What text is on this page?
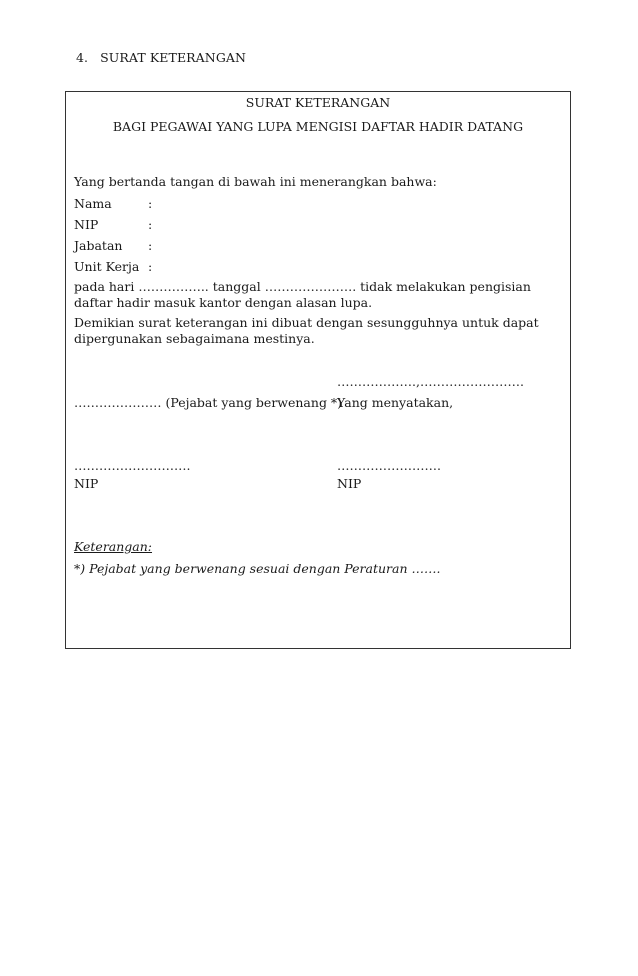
4. SURAT KETERANGAN
SURAT KETERANGAN
BAGI PEGAWAI YANG LUPA MENGISI DAFTAR HADIR DATANG
Yang bertanda tangan di bawah ini menerangkan bahwa:
Nama	:
NIP	:
Jabatan :
Unit Kerja :
pada hari …………….. tanggal …………………. tidak melakukan pengisian daftar hadir masuk kantor dengan alasan lupa.
Demikian surat keterangan ini dibuat dengan sesungguhnya untuk dapat dipergunakan sebagaimana mestinya.
……………….,…………………….
………………… (Pejabat yang berwenang *)
Yang menyatakan,
……………………….	…………………….
NIP	NIP
Keterangan:
*) Pejabat yang berwenang sesuai dengan Peraturan …….
